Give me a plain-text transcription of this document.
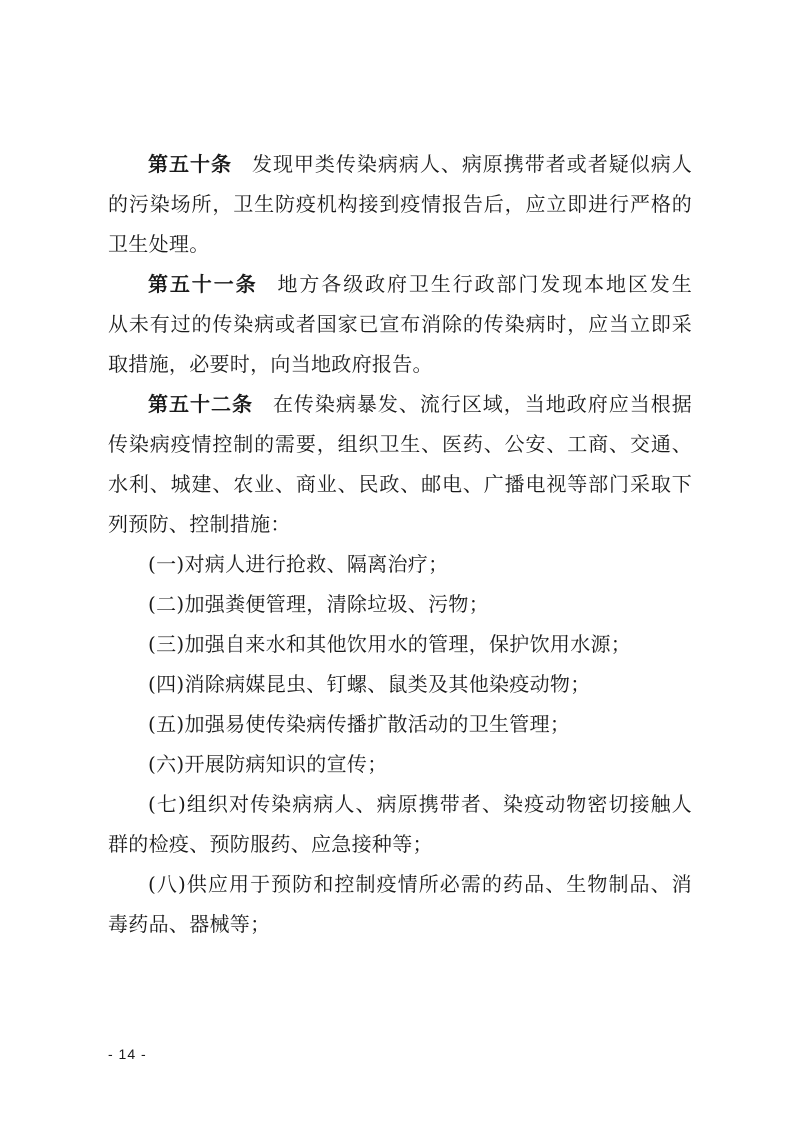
第五十条 发现甲类传染病病人、病原携带者或者疑似病人
的污染场所，卫生防疫机构接到疫情报告后，应立即进行严格的
卫生处理。
第五十一条 地方各级政府卫生行政部门发现本地区发生
从未有过的传染病或者国家已宣布消除的传染病时，应当立即采
取措施，必要时，向当地政府报告。
第五十二条 在传染病暴发、流行区域，当地政府应当根据
传染病疫情控制的需要，组织卫生、医药、公安、工商、交通、
水利、城建、农业、商业、民政、邮电、广播电视等部门采取下
列预防、控制措施：
(一)对病人进行抢救、隔离治疗；
(二)加强粪便管理，清除垃圾、污物；
(三)加强自来水和其他饮用水的管理，保护饮用水源；
(四)消除病媒昆虫、钉螺、鼠类及其他染疫动物；
(五)加强易使传染病传播扩散活动的卫生管理；
(六)开展防病知识的宣传；
(七)组织对传染病病人、病原携带者、染疫动物密切接触人
群的检疫、预防服药、应急接种等；
(八)供应用于预防和控制疫情所必需的药品、生物制品、消
毒药品、器械等；
- 14 -
